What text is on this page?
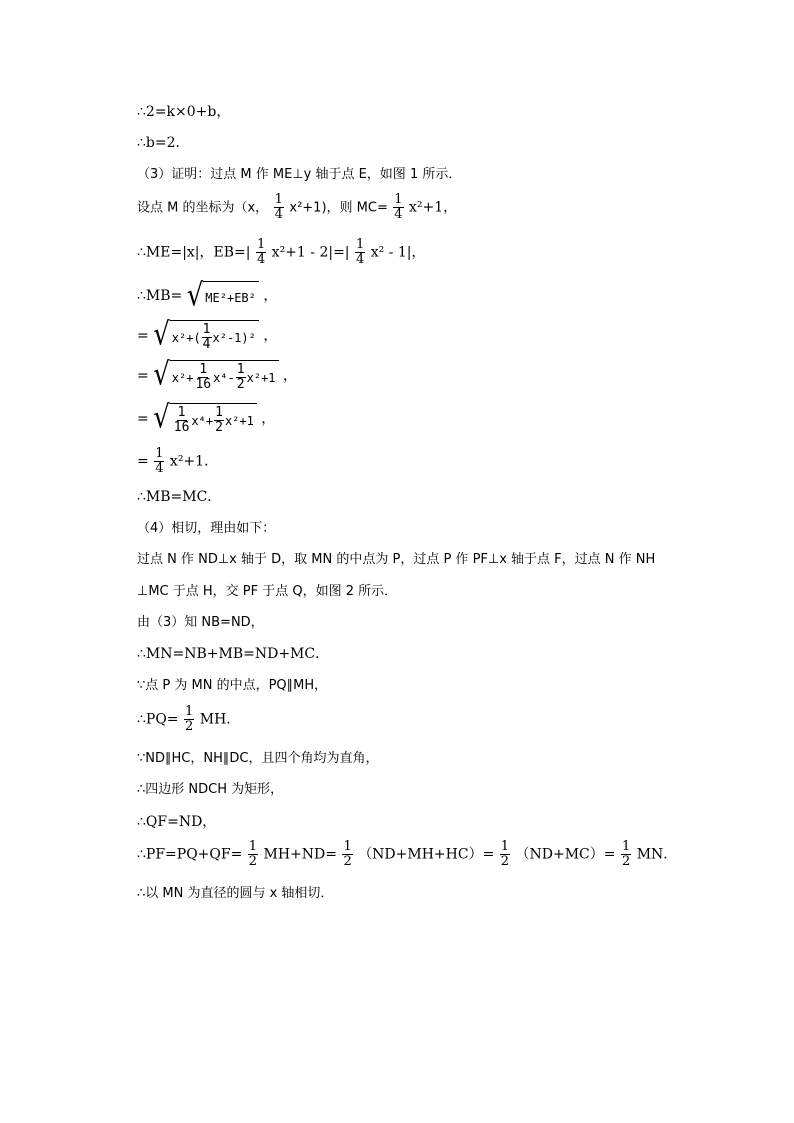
∴2=k×0+b，
∴b=2．
（3）证明：过点 M 作 ME⊥y 轴于点 E，如图 1 所示．
设点 M 的坐标为（x， $\frac{1}{4} x^2+1$)，则 $MC= \frac{1}{4} x^2+1$，
∴ME=|x|，$EB=| \frac{1}{4} x^2+1 - 2|=| \frac{1}{4} x^2 - 1|$，
∴MB= √ ME²+EB² ，
= √ $x^2+( \frac{1}{4} x^2-1)^2$ ，
= √ $x^2+ \frac{1}{16} x^4- \frac{1}{2} x^2+1$ ，
= √ $\frac{1}{16} x^4+ \frac{1}{2} x^2+1$ ，
= $\frac{1}{4} x^2+1$．
∴MB=MC．
（4）相切，理由如下：
过点 N 作 ND⊥x 轴于 D，取 MN 的中点为 P，过点 P 作 PF⊥x 轴于点 F，过点 N 作 NH
⊥MC 于点 H，交 PF 于点 Q，如图 2 所示．
由（3）知 NB=ND，
∴MN=NB+MB=ND+MC．
∵点 P 为 MN 的中点，PQ∥MH，
∴PQ= $\frac{1}{2}$ MH．
∵ND∥HC，NH∥DC，且四个角均为直角，
∴四边形 NDCH 为矩形，
∴QF=ND，
∴PF=PQ+QF= $\frac{1}{2} MH+ND= \frac{1}{2} (ND+MH+HC)= \frac{1}{2} (ND+MC)= \frac{1}{2}$ MN．
∴以 MN 为直径的圆与 x 轴相切．
